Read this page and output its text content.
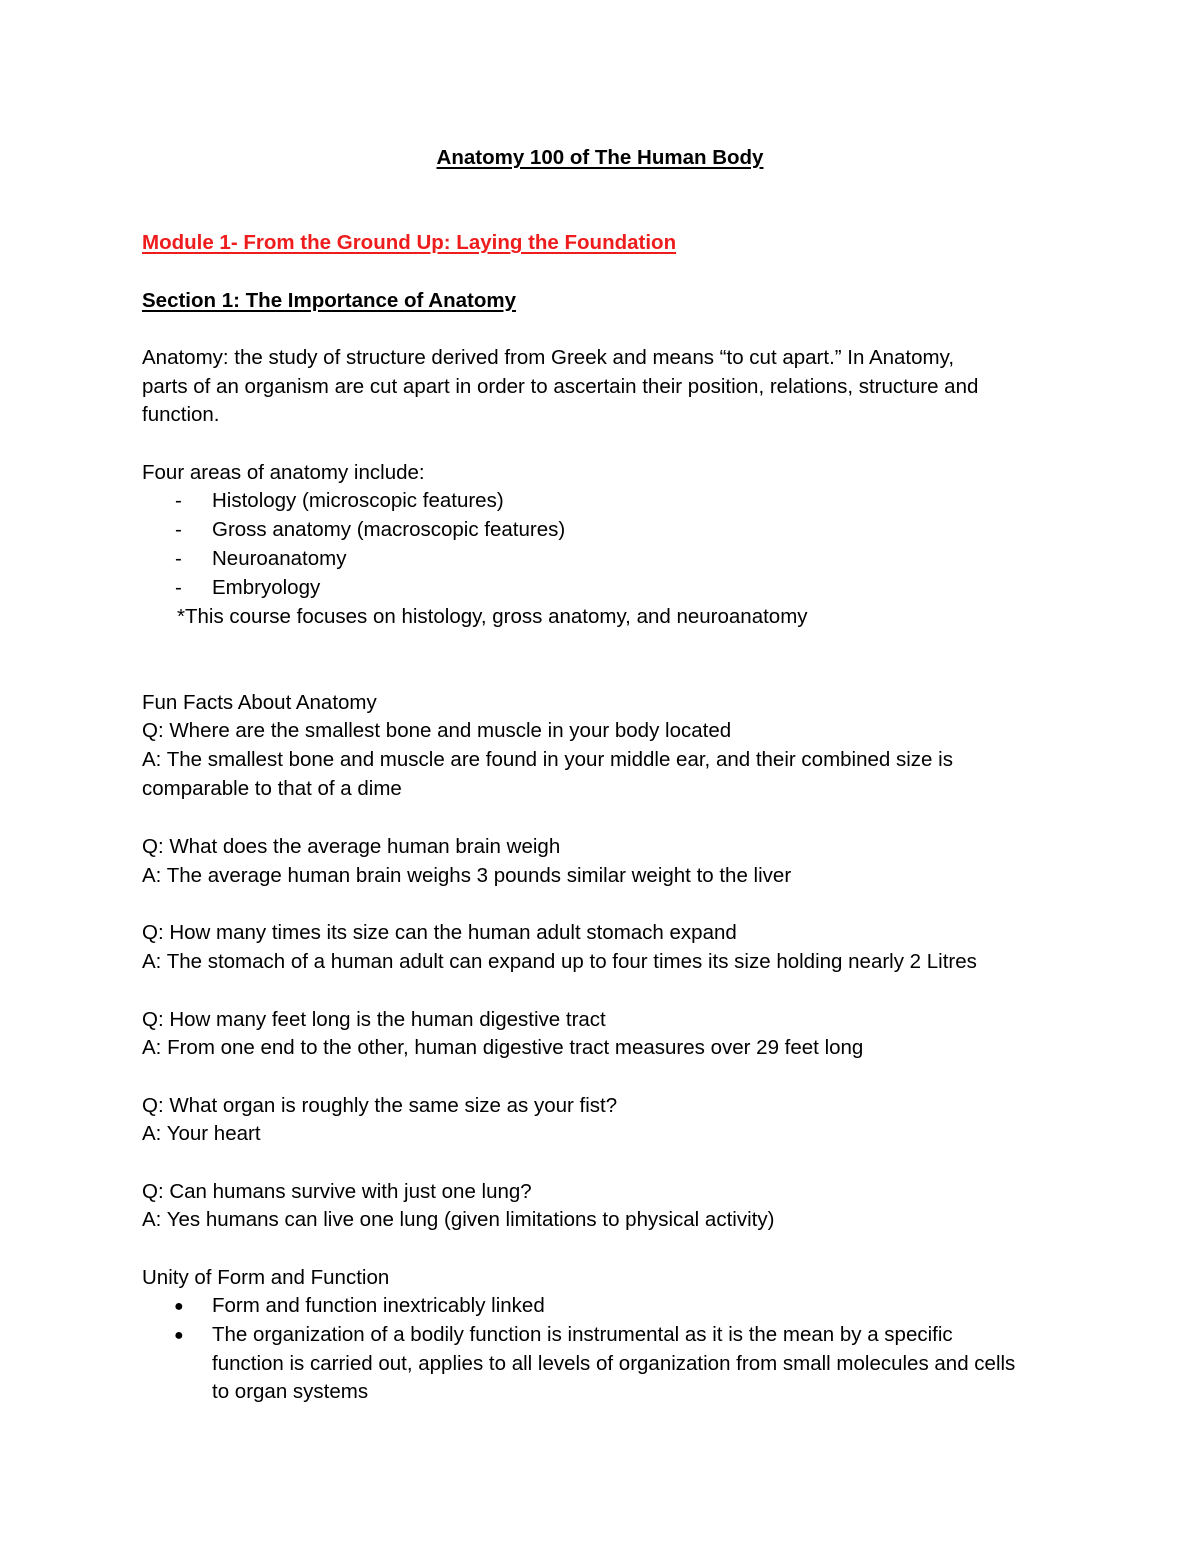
Anatomy 100 of The Human Body
Module 1- From the Ground Up: Laying the Foundation
Section 1: The Importance of Anatomy
Anatomy: the study of structure derived from Greek and means “to cut apart.” In Anatomy,
parts of an organism are cut apart in order to ascertain their position, relations, structure and
function.
Four areas of anatomy include:
- Histology (microscopic features)
- Gross anatomy (macroscopic features)
- Neuroanatomy
- Embryology
*This course focuses on histology, gross anatomy, and neuroanatomy
Fun Facts About Anatomy
Q: Where are the smallest bone and muscle in your body located
A: The smallest bone and muscle are found in your middle ear, and their combined size is
comparable to that of a dime
Q: What does the average human brain weigh
A: The average human brain weighs 3 pounds similar weight to the liver
Q: How many times its size can the human adult stomach expand
A: The stomach of a human adult can expand up to four times its size holding nearly 2 Litres
Q: How many feet long is the human digestive tract
A: From one end to the other, human digestive tract measures over 29 feet long
Q: What organ is roughly the same size as your fist?
A: Your heart
Q: Can humans survive with just one lung?
A: Yes humans can live one lung (given limitations to physical activity)
Unity of Form and Function
● Form and function inextricably linked
● The organization of a bodily function is instrumental as it is the mean by a specific
function is carried out, applies to all levels of organization from small molecules and cells
to organ systems
